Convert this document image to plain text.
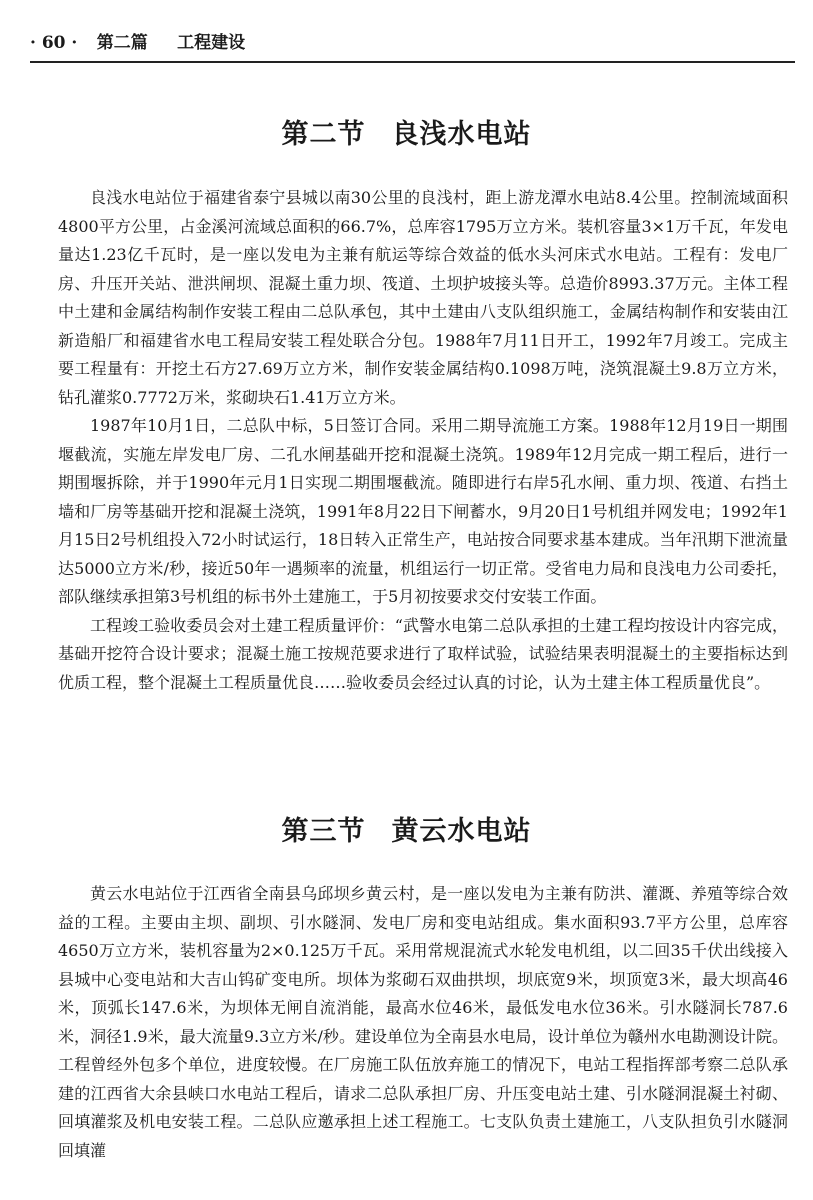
· 60 · 第二篇 工程建设
第二节 良浅水电站

良浅水电站位于福建省泰宁县城以南30公里的良浅村，距上游龙潭水电站8.4公里。控制流域面积4800平方公里，占金溪河流域总面积的66.7%，总库容1795万立方米。装机容量3×1万千瓦，年发电量达1.23亿千瓦时，是一座以发电为主兼有航运等综合效益的低水头河床式水电站。工程有：发电厂房、升压开关站、泄洪闸坝、混凝土重力坝、筏道、土坝护坡接头等。总造价8993.37万元。主体工程中土建和金属结构制作安装工程由二总队承包，其中土建由八支队组织施工，金属结构制作和安装由江新造船厂和福建省水电工程局安装工程处联合分包。1988年7月11日开工，1992年7月竣工。完成主要工程量有：开挖土石方27.69万立方米，制作安装金属结构0.1098万吨，浇筑混凝土9.8万立方米，钻孔灌浆0.7772万米，浆砌块石1.41万立方米。

1987年10月1日，二总队中标，5日签订合同。采用二期导流施工方案。1988年12月19日一期围堰截流，实施左岸发电厂房、二孔水闸基础开挖和混凝土浇筑。1989年12月完成一期工程后，进行一期围堰拆除，并于1990年元月1日实现二期围堰截流。随即进行右岸5孔水闸、重力坝、筏道、右挡土墙和厂房等基础开挖和混凝土浇筑，1991年8月22日下闸蓄水，9月20日1号机组并网发电；1992年1月15日2号机组投入72小时试运行，18日转入正常生产，电站按合同要求基本建成。当年汛期下泄流量达5000立方米/秒，接近50年一遇频率的流量，机组运行一切正常。受省电力局和良浅电力公司委托，部队继续承担第3号机组的标书外土建施工，于5月初按要求交付安装工作面。

工程竣工验收委员会对土建工程质量评价：“武警水电第二总队承担的土建工程均按设计内容完成，基础开挖符合设计要求；混凝土施工按规范要求进行了取样试验，试验结果表明混凝土的主要指标达到优质工程，整个混凝土工程质量优良……验收委员会经过认真的讨论，认为土建主体工程质量优良”。

第三节 黄云水电站

黄云水电站位于江西省全南县乌邱坝乡黄云村，是一座以发电为主兼有防洪、灌溉、养殖等综合效益的工程。主要由主坝、副坝、引水隧洞、发电厂房和变电站组成。集水面积93.7平方公里，总库容4650万立方米，装机容量为2×0.125万千瓦。采用常规混流式水轮发电机组，以二回35千伏出线接入县城中心变电站和大吉山钨矿变电所。坝体为浆砌石双曲拱坝，坝底宽9米，坝顶宽3米，最大坝高46米，顶弧长147.6米，为坝体无闸自流消能，最高水位46米，最低发电水位36米。引水隧洞长787.6米，洞径1.9米，最大流量9.3立方米/秒。建设单位为全南县水电局，设计单位为赣州水电勘测设计院。工程曾经外包多个单位，进度较慢。在厂房施工队伍放弃施工的情况下，电站工程指挥部考察二总队承建的江西省大余县峡口水电站工程后，请求二总队承担厂房、升压变电站土建、引水隧洞混凝土衬砌、回填灌浆及机电安装工程。二总队应邀承担上述工程施工。七支队负责土建施工，八支队担负引水隧洞回填灌
